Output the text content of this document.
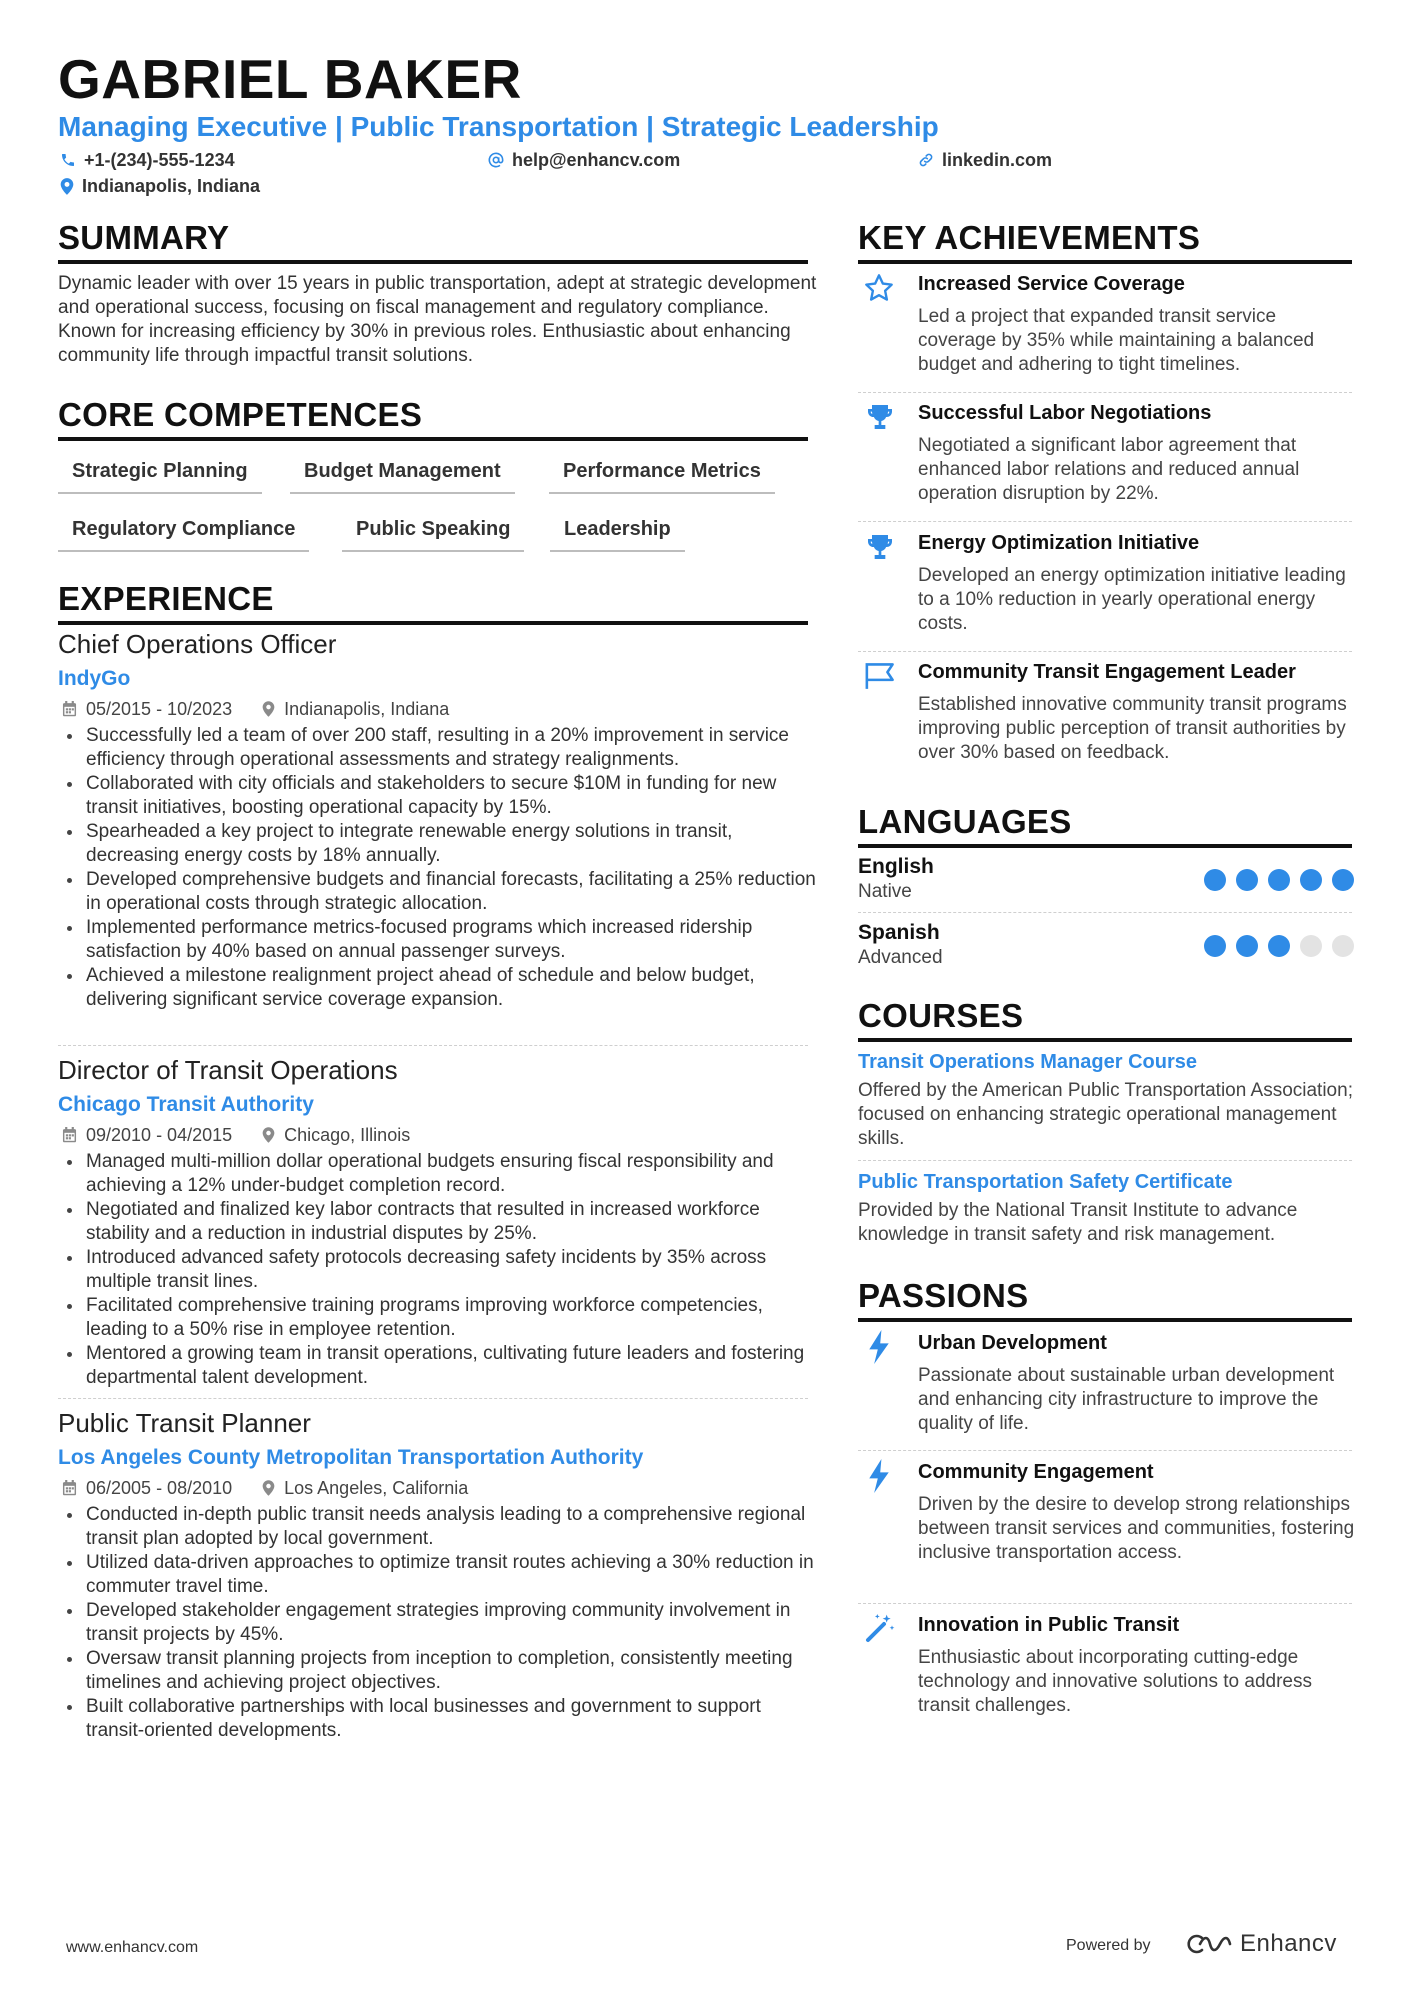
GABRIEL BAKER
Managing Executive | Public Transportation | Strategic Leadership
+1-(234)-555-1234	help@enhancv.com	linkedin.com
Indianapolis, Indiana
SUMMARY
Dynamic leader with over 15 years in public transportation, adept at strategic development and operational success, focusing on fiscal management and regulatory compliance. Known for increasing efficiency by 30% in previous roles. Enthusiastic about enhancing community life through impactful transit solutions.
CORE COMPETENCES
Strategic Planning	Budget Management	Performance Metrics
Regulatory Compliance	Public Speaking	Leadership
EXPERIENCE
Chief Operations Officer
IndyGo
05/2015 - 10/2023	Indianapolis, Indiana
Successfully led a team of over 200 staff, resulting in a 20% improvement in service efficiency through operational assessments and strategy realignments.
Collaborated with city officials and stakeholders to secure $10M in funding for new transit initiatives, boosting operational capacity by 15%.
Spearheaded a key project to integrate renewable energy solutions in transit, decreasing energy costs by 18% annually.
Developed comprehensive budgets and financial forecasts, facilitating a 25% reduction in operational costs through strategic allocation.
Implemented performance metrics-focused programs which increased ridership satisfaction by 40% based on annual passenger surveys.
Achieved a milestone realignment project ahead of schedule and below budget, delivering significant service coverage expansion.
Director of Transit Operations
Chicago Transit Authority
09/2010 - 04/2015	Chicago, Illinois
Managed multi-million dollar operational budgets ensuring fiscal responsibility and achieving a 12% under-budget completion record.
Negotiated and finalized key labor contracts that resulted in increased workforce stability and a reduction in industrial disputes by 25%.
Introduced advanced safety protocols decreasing safety incidents by 35% across multiple transit lines.
Facilitated comprehensive training programs improving workforce competencies, leading to a 50% rise in employee retention.
Mentored a growing team in transit operations, cultivating future leaders and fostering departmental talent development.
Public Transit Planner
Los Angeles County Metropolitan Transportation Authority
06/2005 - 08/2010	Los Angeles, California
Conducted in-depth public transit needs analysis leading to a comprehensive regional transit plan adopted by local government.
Utilized data-driven approaches to optimize transit routes achieving a 30% reduction in commuter travel time.
Developed stakeholder engagement strategies improving community involvement in transit projects by 45%.
Oversaw transit planning projects from inception to completion, consistently meeting timelines and achieving project objectives.
Built collaborative partnerships with local businesses and government to support transit-oriented developments.
KEY ACHIEVEMENTS
Increased Service Coverage
Led a project that expanded transit service coverage by 35% while maintaining a balanced budget and adhering to tight timelines.
Successful Labor Negotiations
Negotiated a significant labor agreement that enhanced labor relations and reduced annual operation disruption by 22%.
Energy Optimization Initiative
Developed an energy optimization initiative leading to a 10% reduction in yearly operational energy costs.
Community Transit Engagement Leader
Established innovative community transit programs improving public perception of transit authorities by over 30% based on feedback.
LANGUAGES
English
Native
Spanish
Advanced
COURSES
Transit Operations Manager Course
Offered by the American Public Transportation Association; focused on enhancing strategic operational management skills.
Public Transportation Safety Certificate
Provided by the National Transit Institute to advance knowledge in transit safety and risk management.
PASSIONS
Urban Development
Passionate about sustainable urban development and enhancing city infrastructure to improve the quality of life.
Community Engagement
Driven by the desire to develop strong relationships between transit services and communities, fostering inclusive transportation access.
Innovation in Public Transit
Enthusiastic about incorporating cutting-edge technology and innovative solutions to address transit challenges.
www.enhancv.com	Powered by	Enhancv
